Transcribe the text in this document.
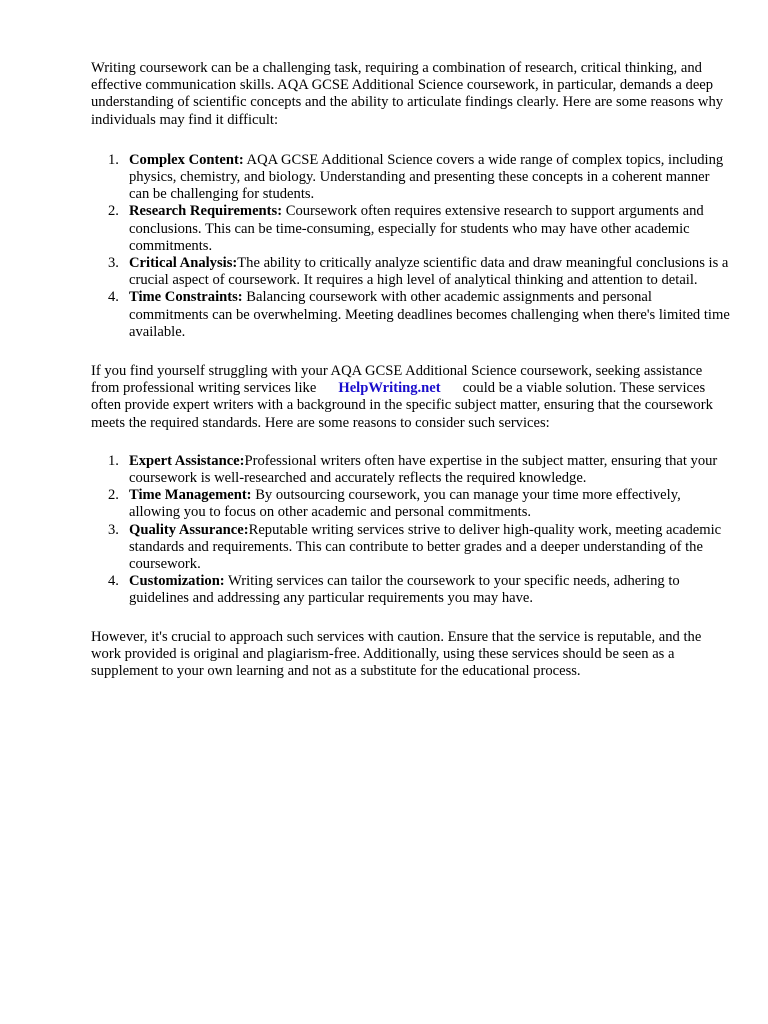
Writing coursework can be a challenging task, requiring a combination of research, critical thinking, and effective communication skills. AQA GCSE Additional Science coursework, in particular, demands a deep understanding of scientific concepts and the ability to articulate findings clearly. Here are some reasons why individuals may find it difficult:

1. Complex Content: AQA GCSE Additional Science covers a wide range of complex topics, including physics, chemistry, and biology. Understanding and presenting these concepts in a coherent manner can be challenging for students.
2. Research Requirements: Coursework often requires extensive research to support arguments and conclusions. This can be time-consuming, especially for students who may have other academic commitments.
3. Critical Analysis:The ability to critically analyze scientific data and draw meaningful conclusions is a crucial aspect of coursework. It requires a high level of analytical thinking and attention to detail.
4. Time Constraints: Balancing coursework with other academic assignments and personal commitments can be overwhelming. Meeting deadlines becomes challenging when there's limited time available.

If you find yourself struggling with your AQA GCSE Additional Science coursework, seeking assistance from professional writing services like HelpWriting.net could be a viable solution. These services often provide expert writers with a background in the specific subject matter, ensuring that the coursework meets the required standards. Here are some reasons to consider such services:

1. Expert Assistance:Professional writers often have expertise in the subject matter, ensuring that your coursework is well-researched and accurately reflects the required knowledge.
2. Time Management: By outsourcing coursework, you can manage your time more effectively, allowing you to focus on other academic and personal commitments.
3. Quality Assurance:Reputable writing services strive to deliver high-quality work, meeting academic standards and requirements. This can contribute to better grades and a deeper understanding of the coursework.
4. Customization: Writing services can tailor the coursework to your specific needs, adhering to guidelines and addressing any particular requirements you may have.

However, it's crucial to approach such services with caution. Ensure that the service is reputable, and the work provided is original and plagiarism-free. Additionally, using these services should be seen as a supplement to your own learning and not as a substitute for the educational process.
